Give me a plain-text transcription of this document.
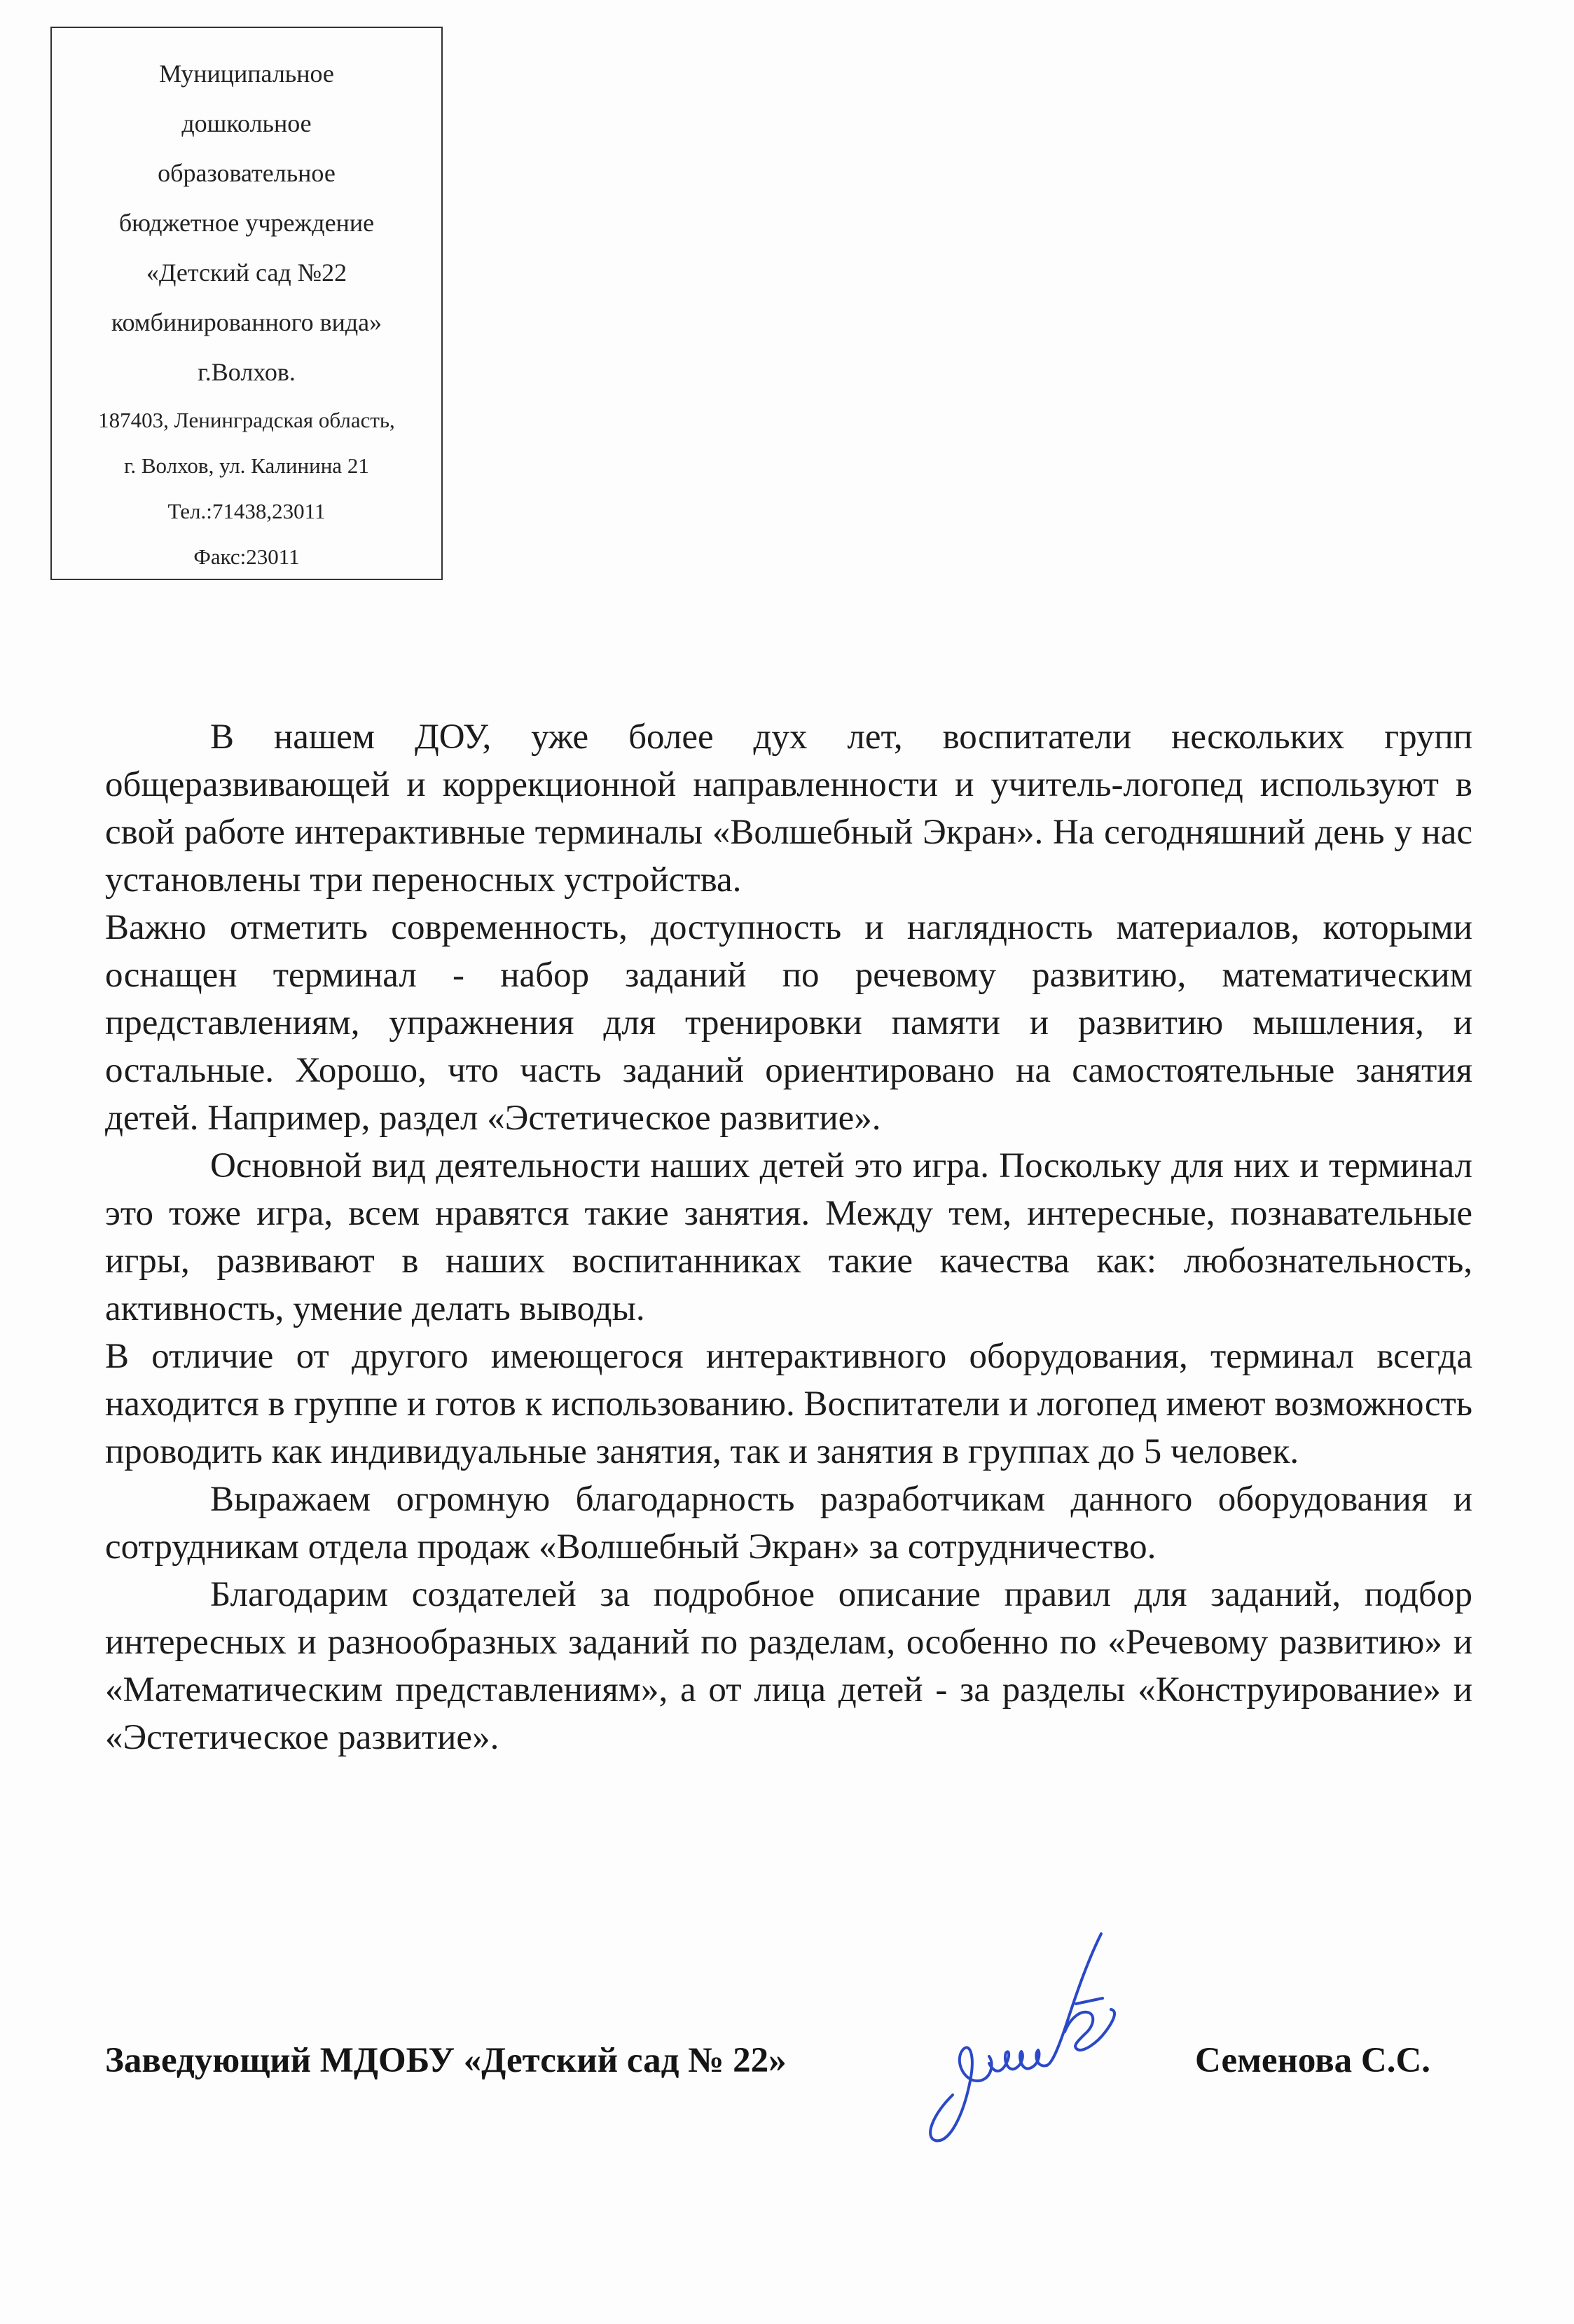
Муниципальное
дошкольное
образовательное
бюджетное учреждение
«Детский сад №22
комбинированного вида»
г.Волхов.
187403, Ленинградская область,
г. Волхов, ул. Калинина 21
Тел.:71438,23011
Факс:23011

В нашем ДОУ, уже более дух лет, воспитатели нескольких групп общеразвивающей и коррекционной направленности и учитель-логопед используют в свой работе интерактивные терминалы «Волшебный Экран». На сегодняшний день у нас установлены три переносных устройства.

Важно отметить современность, доступность и наглядность материалов, которыми оснащен терминал - набор заданий по речевому развитию, математическим представлениям, упражнения для тренировки памяти и развитию мышления, и остальные. Хорошо, что часть заданий ориентировано на самостоятельные занятия детей. Например, раздел «Эстетическое развитие».

Основной вид деятельности наших детей это игра. Поскольку для них и терминал это тоже игра, всем нравятся такие занятия. Между тем, интересные, познавательные игры, развивают в наших воспитанниках такие качества как: любознательность, активность, умение делать выводы.

В отличие от другого имеющегося интерактивного оборудования, терминал всегда находится в группе и готов к использованию. Воспитатели и логопед имеют возможность проводить как индивидуальные занятия, так и занятия в группах до 5 человек.

Выражаем огромную благодарность разработчикам данного оборудования и сотрудникам отдела продаж «Волшебный Экран» за сотрудничество.

Благодарим создателей за подробное описание правил для заданий, подбор интересных и разнообразных заданий по разделам, особенно по «Речевому развитию» и «Математическим представлениям», а от лица детей - за разделы «Конструирование» и «Эстетическое развитие».

Заведующий МДОБУ «Детский сад № 22»	Семенова С.С.
